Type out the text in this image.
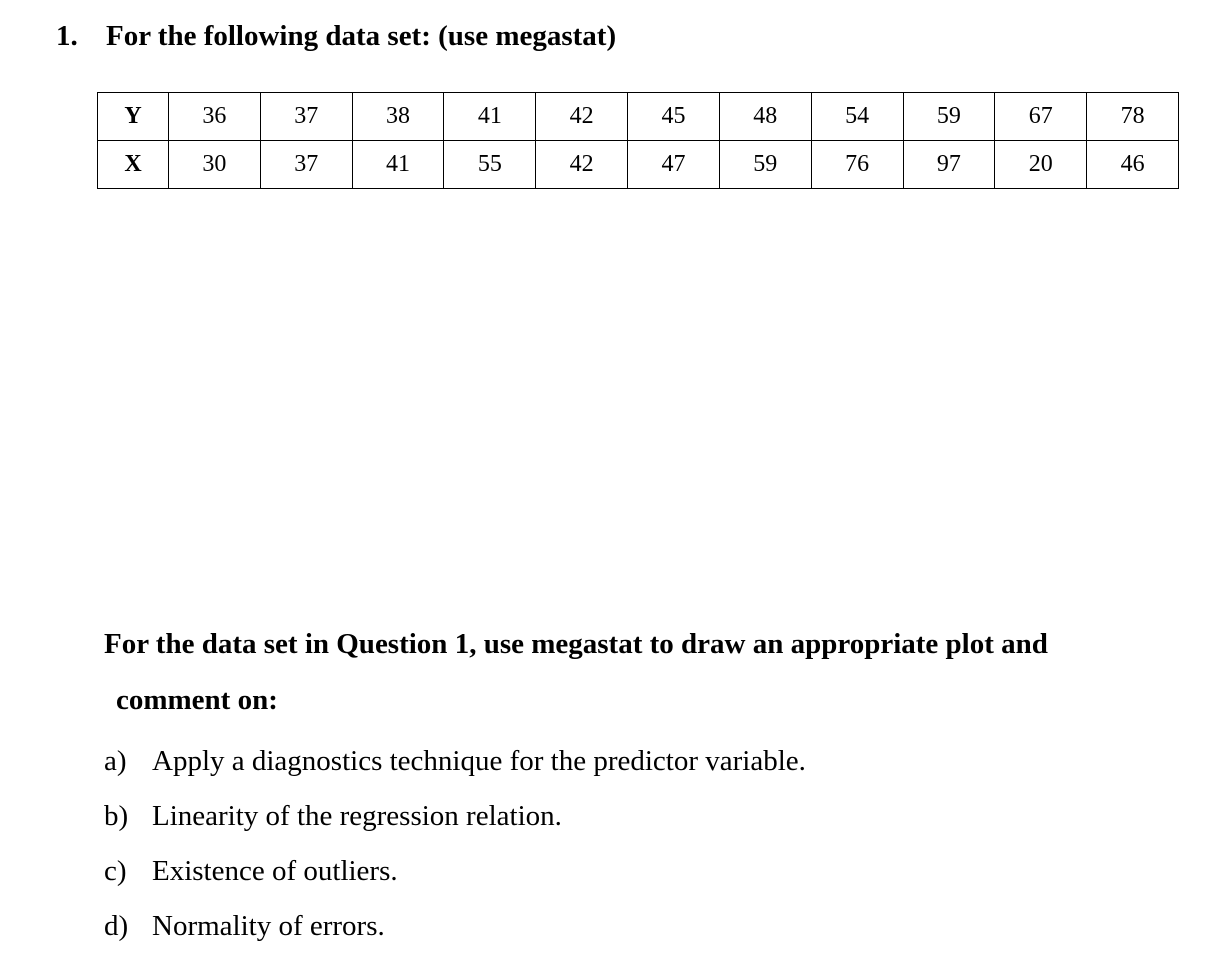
1. For the following data set: (use megastat)
Y	36	37	38	41	42	45	48	54	59	67	78
X	30	37	41	55	42	47	59	76	97	20	46
For the data set in Question 1, use megastat to draw an appropriate plot and
comment on:
a) Apply a diagnostics technique for the predictor variable.
b) Linearity of the regression relation.
c) Existence of outliers.
d) Normality of errors.
